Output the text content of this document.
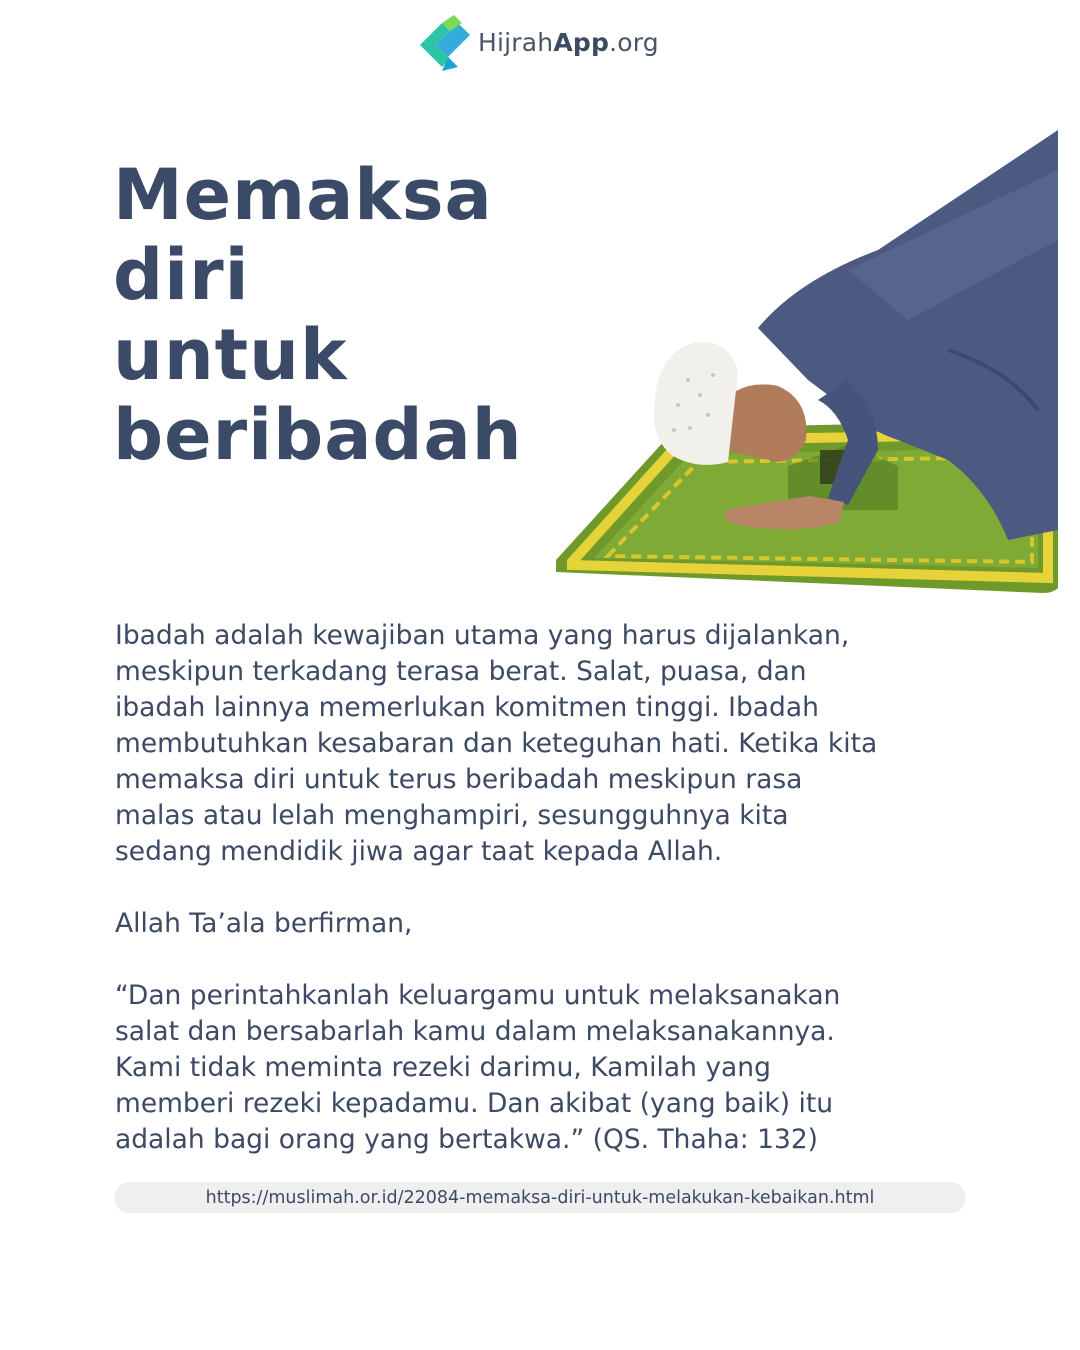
HijrahApp.org
Memaksa
diri
untuk
beribadah

Ibadah adalah kewajiban utama yang harus dijalankan,

meskipun terkadang terasa berat. Salat, puasa, dan

ibadah lainnya memerlukan komitmen tinggi. Ibadah

membutuhkan kesabaran dan keteguhan hati. Ketika kita

memaksa diri untuk terus beribadah meskipun rasa

malas atau lelah menghampiri, sesungguhnya kita

sedang mendidik jiwa agar taat kepada Allah.

Allah Ta’ala berfirman,

“Dan perintahkanlah keluargamu untuk melaksanakan

salat dan bersabarlah kamu dalam melaksanakannya.

Kami tidak meminta rezeki darimu, Kamilah yang

memberi rezeki kepadamu. Dan akibat (yang baik) itu

adalah bagi orang yang bertakwa.” (QS. Thaha: 132)

https://muslimah.or.id/22084-memaksa-diri-untuk-melakukan-kebaikan.html
